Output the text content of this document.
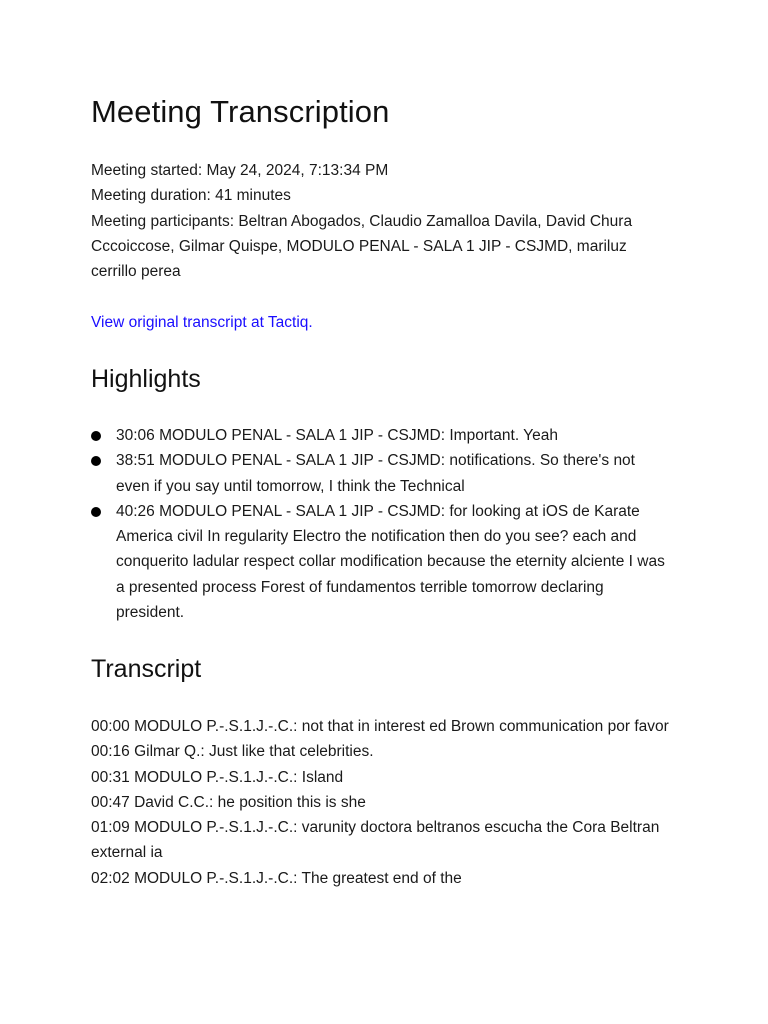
Meeting Transcription

Meeting started: May 24, 2024, 7:13:34 PM

Meeting duration: 41 minutes

Meeting participants: Beltran Abogados, Claudio Zamalloa Davila, David Chura Cccoiccose, Gilmar Quispe, MODULO PENAL - SALA 1 JIP - CSJMD, mariluz cerrillo perea

View original transcript at Tactiq.
Highlights
30:06 MODULO PENAL - SALA 1 JIP - CSJMD: Important. Yeah
38:51 MODULO PENAL - SALA 1 JIP - CSJMD: notifications. So there's not even if you say until tomorrow, I think the Technical
40:26 MODULO PENAL - SALA 1 JIP - CSJMD: for looking at iOS de Karate America civil In regularity Electro the notification then do you see? each and conquerito ladular respect collar modification because the eternity alciente I was a presented process Forest of fundamentos terrible tomorrow declaring president.
Transcript

00:00 MODULO P.-.S.1.J.-.C.: not that in interest ed Brown communication por favor

00:16 Gilmar Q.: Just like that celebrities.

00:31 MODULO P.-.S.1.J.-.C.: Island

00:47 David C.C.: he position this is she

01:09 MODULO P.-.S.1.J.-.C.: varunity doctora beltranos escucha the Cora Beltran external ia

02:02 MODULO P.-.S.1.J.-.C.: The greatest end of the
